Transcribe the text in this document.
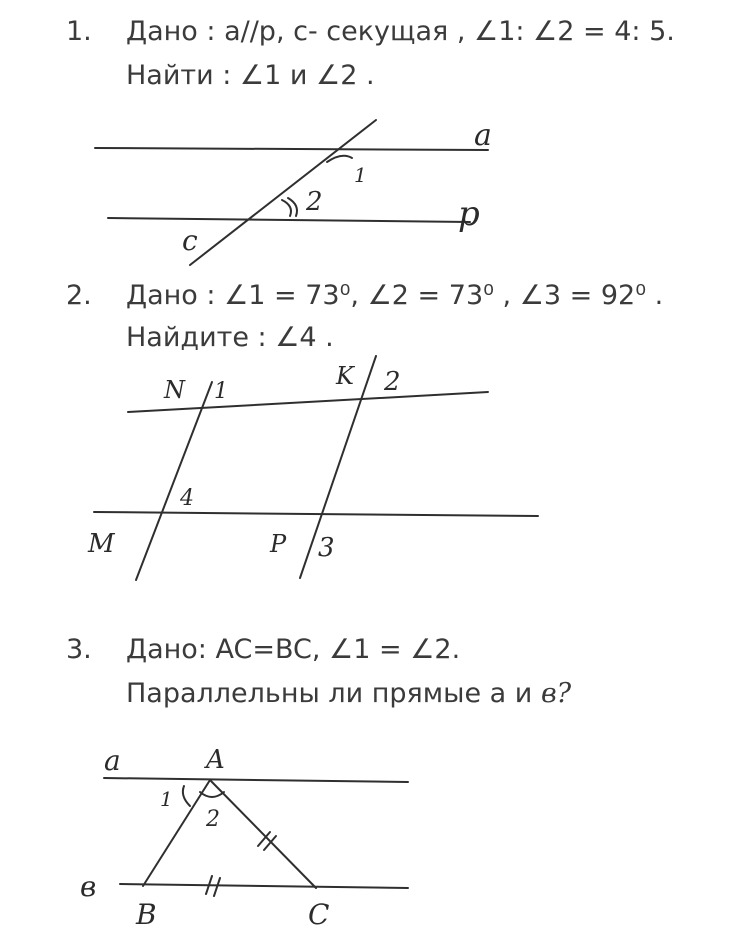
1. Дано : a//p, c- секущая , ∠1: ∠2 = 4: 5.
Найти : ∠1 и ∠2 .
2. Дано : ∠1 = 73⁰, ∠2 = 73⁰ , ∠3 = 92⁰ .
Найдите : ∠4 .
3. Дано: AC=BC, ∠1 = ∠2.
Параллельны ли прямые a и в?
a
p
c
1
2
N 1
K 2
4
M	P 3
a	A
1
2
в
B	C
